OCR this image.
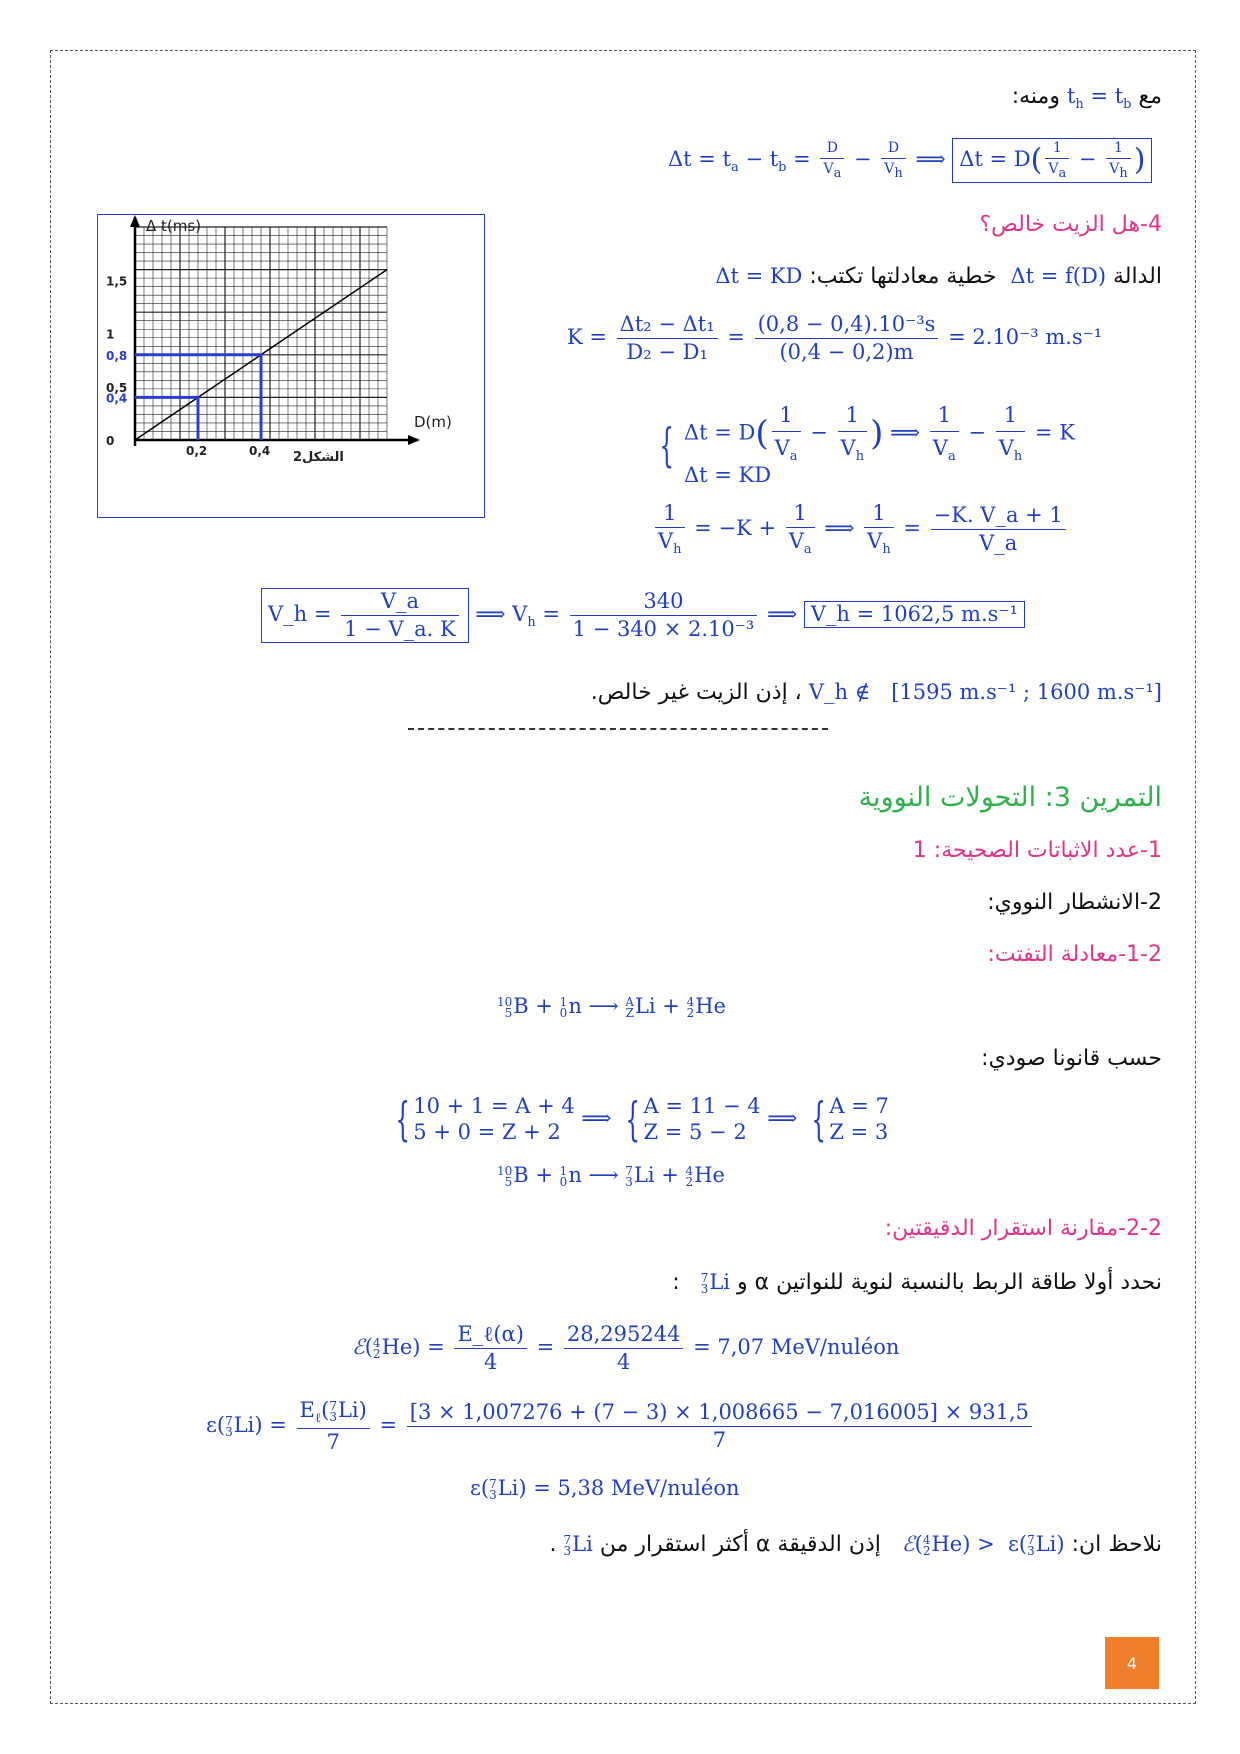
مع $t_h = t_b$ ومنه:
$\Delta t = t_a - t_b = \frac{D}{V_a} - \frac{D}{V_h}$ ⟹ $\Delta t = D( \frac{1}{V_a} - \frac{1}{V_h}$ )
4-هل الزيت خالص؟
الدالة Δt = f(D)  خطية معادلتها تكتب: Δt = KD
$K = \frac{\text{Δt₂ − Δt₁}}{\text{D₂ − D₁}} = \frac{\text{(0,8 − 0,4).10⁻³s}}{(0,4 - 0,2)m} = 2.10^{-3}$ m.s⁻¹
{ $\Delta t = D( \frac{1}{V_a} - \frac{1}{V_h}$ ) ⟹ $\frac{1}{V_a} - \frac{1}{V_h} = K$
Δt = KD
$\frac{1}{V_h} = -K + \frac{1}{V_a}$ ⟹ $\frac{1}{V_h} = \frac{-K. V\_a + 1}{V\_a}$
V_h = $\frac{V\_a}{1 - V\_a. K}$ ⟹ $V_h = \frac{340}{\text{1 − 340 × 2.10⁻³}}$ ⟹ V_h = 1062,5 m.s⁻¹
[1595 m.s⁻¹ ; 1600 m.s⁻¹]   V_h ∉ ، إذن الزيت غير خالص.
التمرين 3: التحولات النووية
1-عدد الاثباتات الصحيحة: 1
2-الانشطار النووي:
1-2-معادلة التفتت:
10
5 B + 1
0 n ⟶ A
Z Li + 4
2 He
حسب قانونا صودي:
{ 10 + 1 = A + 4
5 + 0 = Z + 2
⟹ { A = 11 − 4
Z = 5 − 2
⟹ { A = 7
Z = 3
10
5 B + 1
0 n ⟶ 7
3 Li + 4
2 He
2-2-مقارنة استقرار الدقيقتين:
نحدد أولا طاقة الربط بالنسبة لنوية للنواتين α و
7
3 Li   :
ℰ( 4
2 $He) = \frac{\text{E\_ℓ(α)}}{4} = \frac{28,295244}{4} = 7,07$ MeV/nuléon
ε( 7
3 $Li) = E_\ell$( 7
3 Li)
$7 = \frac{[3 \times 1,007276 + (7 - 3) \times 1,008665 - 7,016005] \times 931,5}{7}$
ε( 7
3 Li) = 5,38 MeV/nuléon
نلاحظ ان: ℰ( 4
2 He) >  ε( 7
3 Li)   إذن الدقيقة α أكثر استقرار من
7
3 Li .
Δ t(ms)
D(m)
الشكل2
1,5
1
0,8
0,5
0,4
0
0,2	0,4
4
